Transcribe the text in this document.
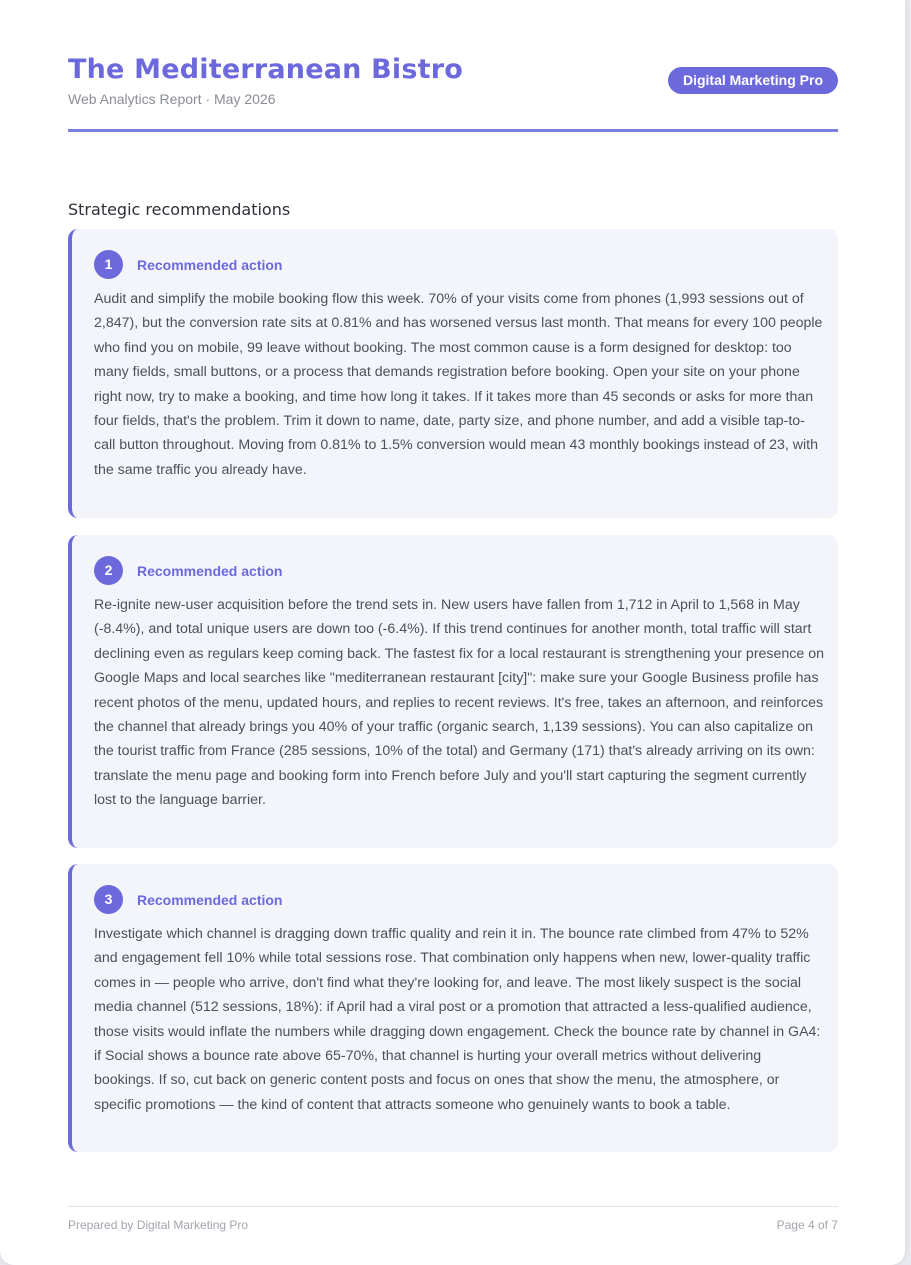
The Mediterranean Bistro
Web Analytics Report · May 2026
Digital Marketing Pro
Strategic recommendations
1	Recommended action
Audit and simplify the mobile booking flow this week. 70% of your visits come from phones (1,993 sessions out of 2,847), but the conversion rate sits at 0.81% and has worsened versus last month. That means for every 100 people who find you on mobile, 99 leave without booking. The most common cause is a form designed for desktop: too many fields, small buttons, or a process that demands registration before booking. Open your site on your phone right now, try to make a booking, and time how long it takes. If it takes more than 45 seconds or asks for more than four fields, that's the problem. Trim it down to name, date, party size, and phone number, and add a visible tap-to-call button throughout. Moving from 0.81% to 1.5% conversion would mean 43 monthly bookings instead of 23, with the same traffic you already have.
2	Recommended action
Re-ignite new-user acquisition before the trend sets in. New users have fallen from 1,712 in April to 1,568 in May (-8.4%), and total unique users are down too (-6.4%). If this trend continues for another month, total traffic will start declining even as regulars keep coming back. The fastest fix for a local restaurant is strengthening your presence on Google Maps and local searches like "mediterranean restaurant [city]": make sure your Google Business profile has recent photos of the menu, updated hours, and replies to recent reviews. It's free, takes an afternoon, and reinforces the channel that already brings you 40% of your traffic (organic search, 1,139 sessions). You can also capitalize on the tourist traffic from France (285 sessions, 10% of the total) and Germany (171) that's already arriving on its own: translate the menu page and booking form into French before July and you'll start capturing the segment currently lost to the language barrier.
3	Recommended action
Investigate which channel is dragging down traffic quality and rein it in. The bounce rate climbed from 47% to 52% and engagement fell 10% while total sessions rose. That combination only happens when new, lower-quality traffic comes in — people who arrive, don't find what they're looking for, and leave. The most likely suspect is the social media channel (512 sessions, 18%): if April had a viral post or a promotion that attracted a less-qualified audience, those visits would inflate the numbers while dragging down engagement. Check the bounce rate by channel in GA4: if Social shows a bounce rate above 65-70%, that channel is hurting your overall metrics without delivering bookings. If so, cut back on generic content posts and focus on ones that show the menu, the atmosphere, or specific promotions — the kind of content that attracts someone who genuinely wants to book a table.
Prepared by Digital Marketing Pro	Page 4 of 7
